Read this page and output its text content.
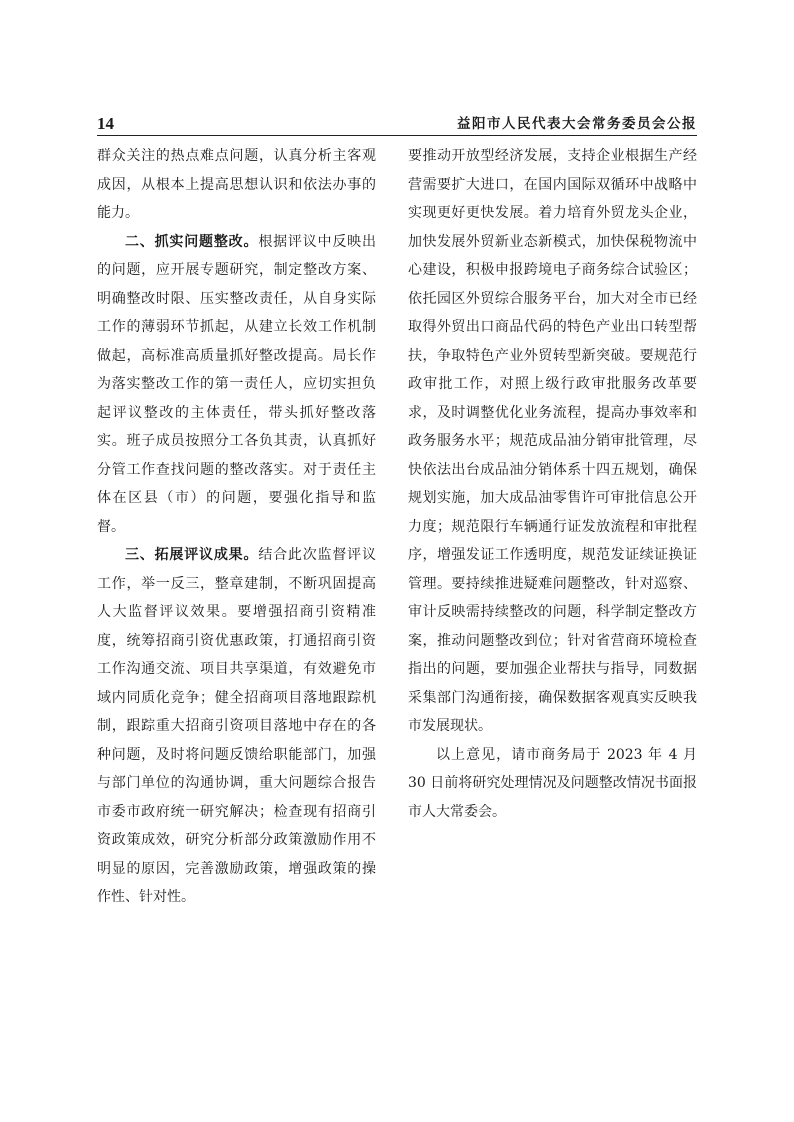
14	益阳市人民代表大会常务委员会公报

群众关注的热点难点问题，认真分析主客观成因，从根本上提高思想认识和依法办事的能力。

二、抓实问题整改。根据评议中反映出的问题，应开展专题研究，制定整改方案、明确整改时限、压实整改责任，从自身实际工作的薄弱环节抓起，从建立长效工作机制做起，高标准高质量抓好整改提高。局长作为落实整改工作的第一责任人，应切实担负起评议整改的主体责任，带头抓好整改落实。班子成员按照分工各负其责，认真抓好分管工作查找问题的整改落实。对于责任主体在区县（市）的问题，要强化指导和监督。

三、拓展评议成果。结合此次监督评议工作，举一反三，整章建制，不断巩固提高人大监督评议效果。要增强招商引资精准度，统筹招商引资优惠政策，打通招商引资工作沟通交流、项目共享渠道，有效避免市域内同质化竞争；健全招商项目落地跟踪机制，跟踪重大招商引资项目落地中存在的各种问题，及时将问题反馈给职能部门，加强与部门单位的沟通协调，重大问题综合报告市委市政府统一研究解决；检查现有招商引资政策成效，研究分析部分政策激励作用不明显的原因，完善激励政策，增强政策的操作性、针对性。

要推动开放型经济发展，支持企业根据生产经营需要扩大进口，在国内国际双循环中战略中实现更好更快发展。着力培育外贸龙头企业，加快发展外贸新业态新模式，加快保税物流中心建设，积极申报跨境电子商务综合试验区；依托园区外贸综合服务平台，加大对全市已经取得外贸出口商品代码的特色产业出口转型帮扶，争取特色产业外贸转型新突破。要规范行政审批工作，对照上级行政审批服务改革要求，及时调整优化业务流程，提高办事效率和政务服务水平；规范成品油分销审批管理，尽快依法出台成品油分销体系十四五规划，确保规划实施，加大成品油零售许可审批信息公开力度；规范限行车辆通行证发放流程和审批程序，增强发证工作透明度，规范发证续证换证管理。要持续推进疑难问题整改，针对巡察、审计反映需持续整改的问题，科学制定整改方案，推动问题整改到位；针对省营商环境检查指出的问题，要加强企业帮扶与指导，同数据采集部门沟通衔接，确保数据客观真实反映我市发展现状。

以上意见，请市商务局于 2023 年 4 月 30 日前将研究处理情况及问题整改情况书面报市人大常委会。
